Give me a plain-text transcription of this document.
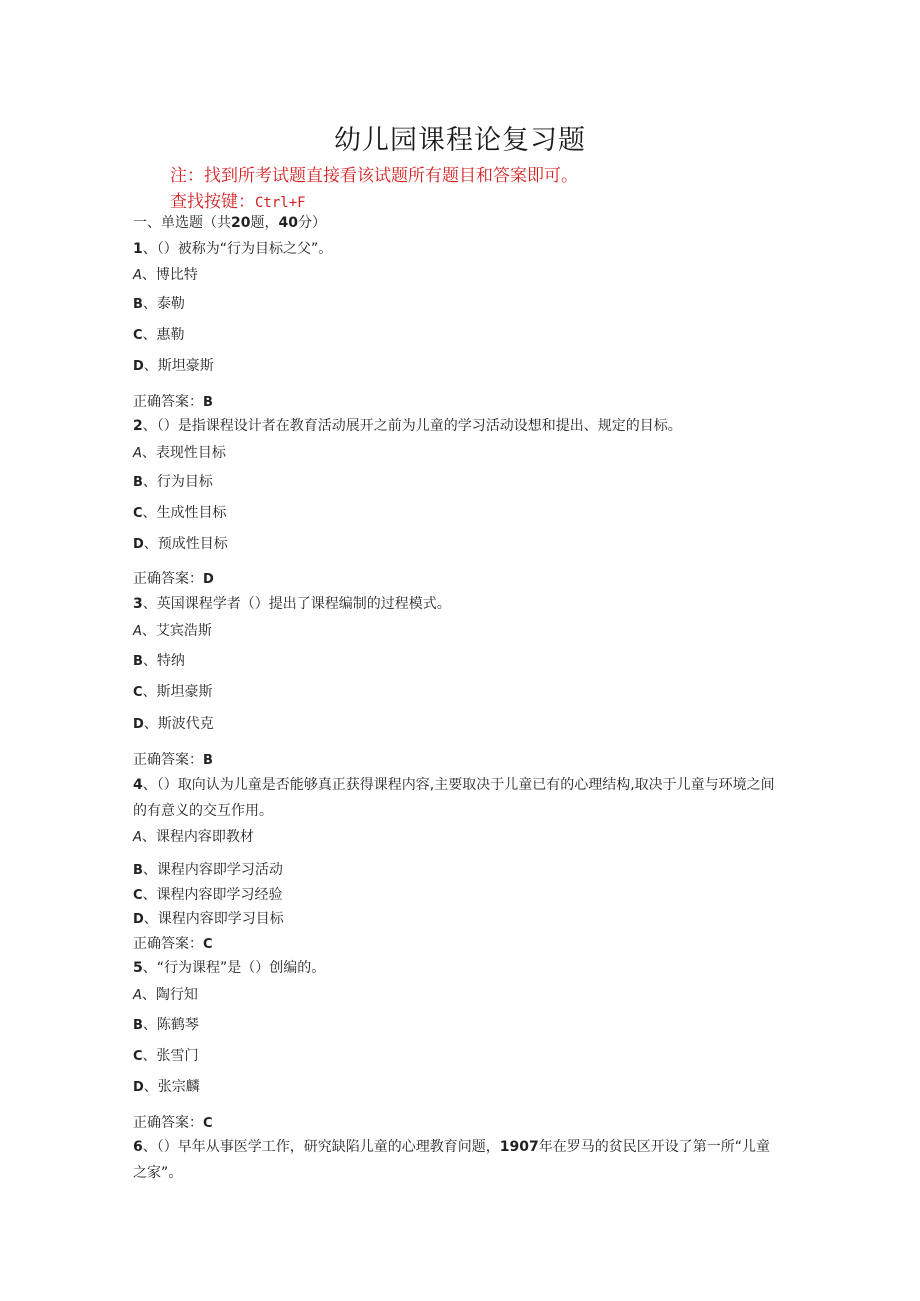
幼儿园课程论复习题
注：找到所考试题直接看该试题所有题目和答案即可。
查找按键：Ctrl+F
一、单选题（共20题，40分）
1、（）被称为“行为目标之父”。
A、博比特
B、泰勒
C、惠勒
D、斯坦豪斯
正确答案：B
2、（）是指课程设计者在教育活动展开之前为儿童的学习活动设想和提出、规定的目标。
A、表现性目标
B、行为目标
C、生成性目标
D、预成性目标
正确答案：D
3、英国课程学者（）提出了课程编制的过程模式。
A、艾宾浩斯
B、特纳
C、斯坦豪斯
D、斯波代克
正确答案：B
4、（）取向认为儿童是否能够真正获得课程内容,主要取决于儿童已有的心理结构,取决于儿童与环境之间的有意义的交互作用。
A、课程内容即教材
B、课程内容即学习活动
C、课程内容即学习经验
D、课程内容即学习目标
正确答案：C
5、“行为课程”是（）创编的。
A、陶行知
B、陈鹤琴
C、张雪门
D、张宗麟
正确答案：C
6、（）早年从事医学工作，研究缺陷儿童的心理教育问题，1907年在罗马的贫民区开设了第一所“儿童之家”。
